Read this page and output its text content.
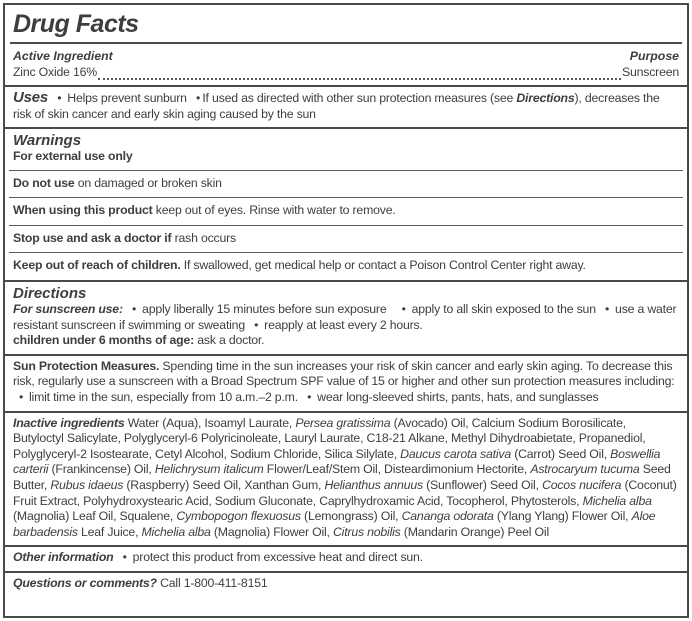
Drug Facts
Active Ingredient	Purpose
Zinc Oxide 16%	Sunscreen
Uses  • Helps prevent sunburn  • If used as directed with other sun protection measures (see Directions), decreases the risk of skin cancer and early skin aging caused by the sun
Warnings
For external use only
Do not use on damaged or broken skin
When using this product keep out of eyes. Rinse with water to remove.
Stop use and ask a doctor if rash occurs
Keep out of reach of children. If swallowed, get medical help or contact a Poison Control Center right away.
Directions
For sunscreen use:  • apply liberally 15 minutes before sun exposure   • apply to all skin exposed to the sun  • use a water resistant sunscreen if swimming or sweating  • reapply at least every 2 hours.
children under 6 months of age: ask a doctor.
Sun Protection Measures. Spending time in the sun increases your risk of skin cancer and early skin aging. To decrease this risk, regularly use a sunscreen with a Broad Spectrum SPF value of 15 or higher and other sun protection measures including:  • limit time in the sun, especially from 10 a.m.–2 p.m.  • wear long-sleeved shirts, pants, hats, and sunglasses
Inactive ingredients Water (Aqua), Isoamyl Laurate, Persea gratissima (Avocado) Oil, Calcium Sodium Borosilicate, Butyloctyl Salicylate, Polyglyceryl-6 Polyricinoleate, Lauryl Laurate, C18-21 Alkane, Methyl Dihydroabietate, Propanediol, Polyglyceryl-2 Isostearate, Cetyl Alcohol, Sodium Chloride, Silica Silylate, Daucus carota sativa (Carrot) Seed Oil, Boswellia carterii (Frankincense) Oil, Helichrysum italicum Flower/Leaf/Stem Oil, Disteardimonium Hectorite, Astrocaryum tucuma Seed Butter, Rubus idaeus (Raspberry) Seed Oil, Xanthan Gum, Helianthus annuus (Sunflower) Seed Oil, Cocos nucifera (Coconut) Fruit Extract, Polyhydroxystearic Acid, Sodium Gluconate, Caprylhydroxamic Acid, Tocopherol, Phytosterols, Michelia alba (Magnolia) Leaf Oil, Squalene, Cymbopogon flexuosus (Lemongrass) Oil, Cananga odorata (Ylang Ylang) Flower Oil, Aloe barbadensis Leaf Juice, Michelia alba (Magnolia) Flower Oil, Citrus nobilis (Mandarin Orange) Peel Oil
Other information  • protect this product from excessive heat and direct sun.
Questions or comments? Call 1-800-411-8151
